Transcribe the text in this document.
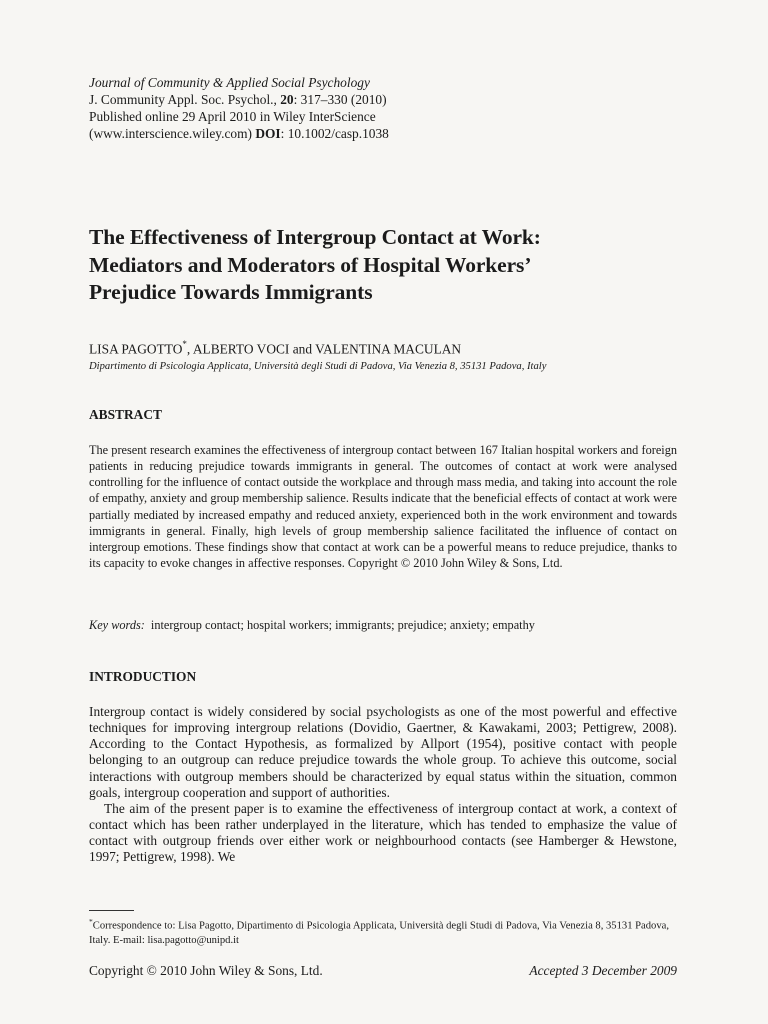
Journal of Community & Applied Social Psychology
J. Community Appl. Soc. Psychol., 20: 317–330 (2010)
Published online 29 April 2010 in Wiley InterScience
(www.interscience.wiley.com) DOI: 10.1002/casp.1038
The Effectiveness of Intergroup Contact at Work:
Mediators and Moderators of Hospital Workers’
Prejudice Towards Immigrants
LISA PAGOTTO*, ALBERTO VOCI and VALENTINA MACULAN
Dipartimento di Psicologia Applicata, Università degli Studi di Padova, Via Venezia 8, 35131 Padova, Italy
ABSTRACT
The present research examines the effectiveness of intergroup contact between 167 Italian hospital workers and foreign patients in reducing prejudice towards immigrants in general. The outcomes of contact at work were analysed controlling for the influence of contact outside the workplace and through mass media, and taking into account the role of empathy, anxiety and group membership salience. Results indicate that the beneficial effects of contact at work were partially mediated by increased empathy and reduced anxiety, experienced both in the work environment and towards immigrants in general. Finally, high levels of group membership salience facilitated the influence of contact on intergroup emotions. These findings show that contact at work can be a powerful means to reduce prejudice, thanks to its capacity to evoke changes in affective responses. Copyright © 2010 John Wiley & Sons, Ltd.
Key words: intergroup contact; hospital workers; immigrants; prejudice; anxiety; empathy
INTRODUCTION

Intergroup contact is widely considered by social psychologists as one of the most powerful and effective techniques for improving intergroup relations (Dovidio, Gaertner, & Kawakami, 2003; Pettigrew, 2008). According to the Contact Hypothesis, as formalized by Allport (1954), positive contact with people belonging to an outgroup can reduce prejudice towards the whole group. To achieve this outcome, social interactions with outgroup members should be characterized by equal status within the situation, common goals, intergroup cooperation and support of authorities.

The aim of the present paper is to examine the effectiveness of intergroup contact at work, a context of contact which has been rather underplayed in the literature, which has tended to emphasize the value of contact with outgroup friends over either work or neighbourhood contacts (see Hamberger & Hewstone, 1997; Pettigrew, 1998). We

*Correspondence to: Lisa Pagotto, Dipartimento di Psicologia Applicata, Università degli Studi di Padova, Via Venezia 8, 35131 Padova, Italy. E-mail: lisa.pagotto@unipd.it
Copyright © 2010 John Wiley & Sons, Ltd.	Accepted 3 December 2009
